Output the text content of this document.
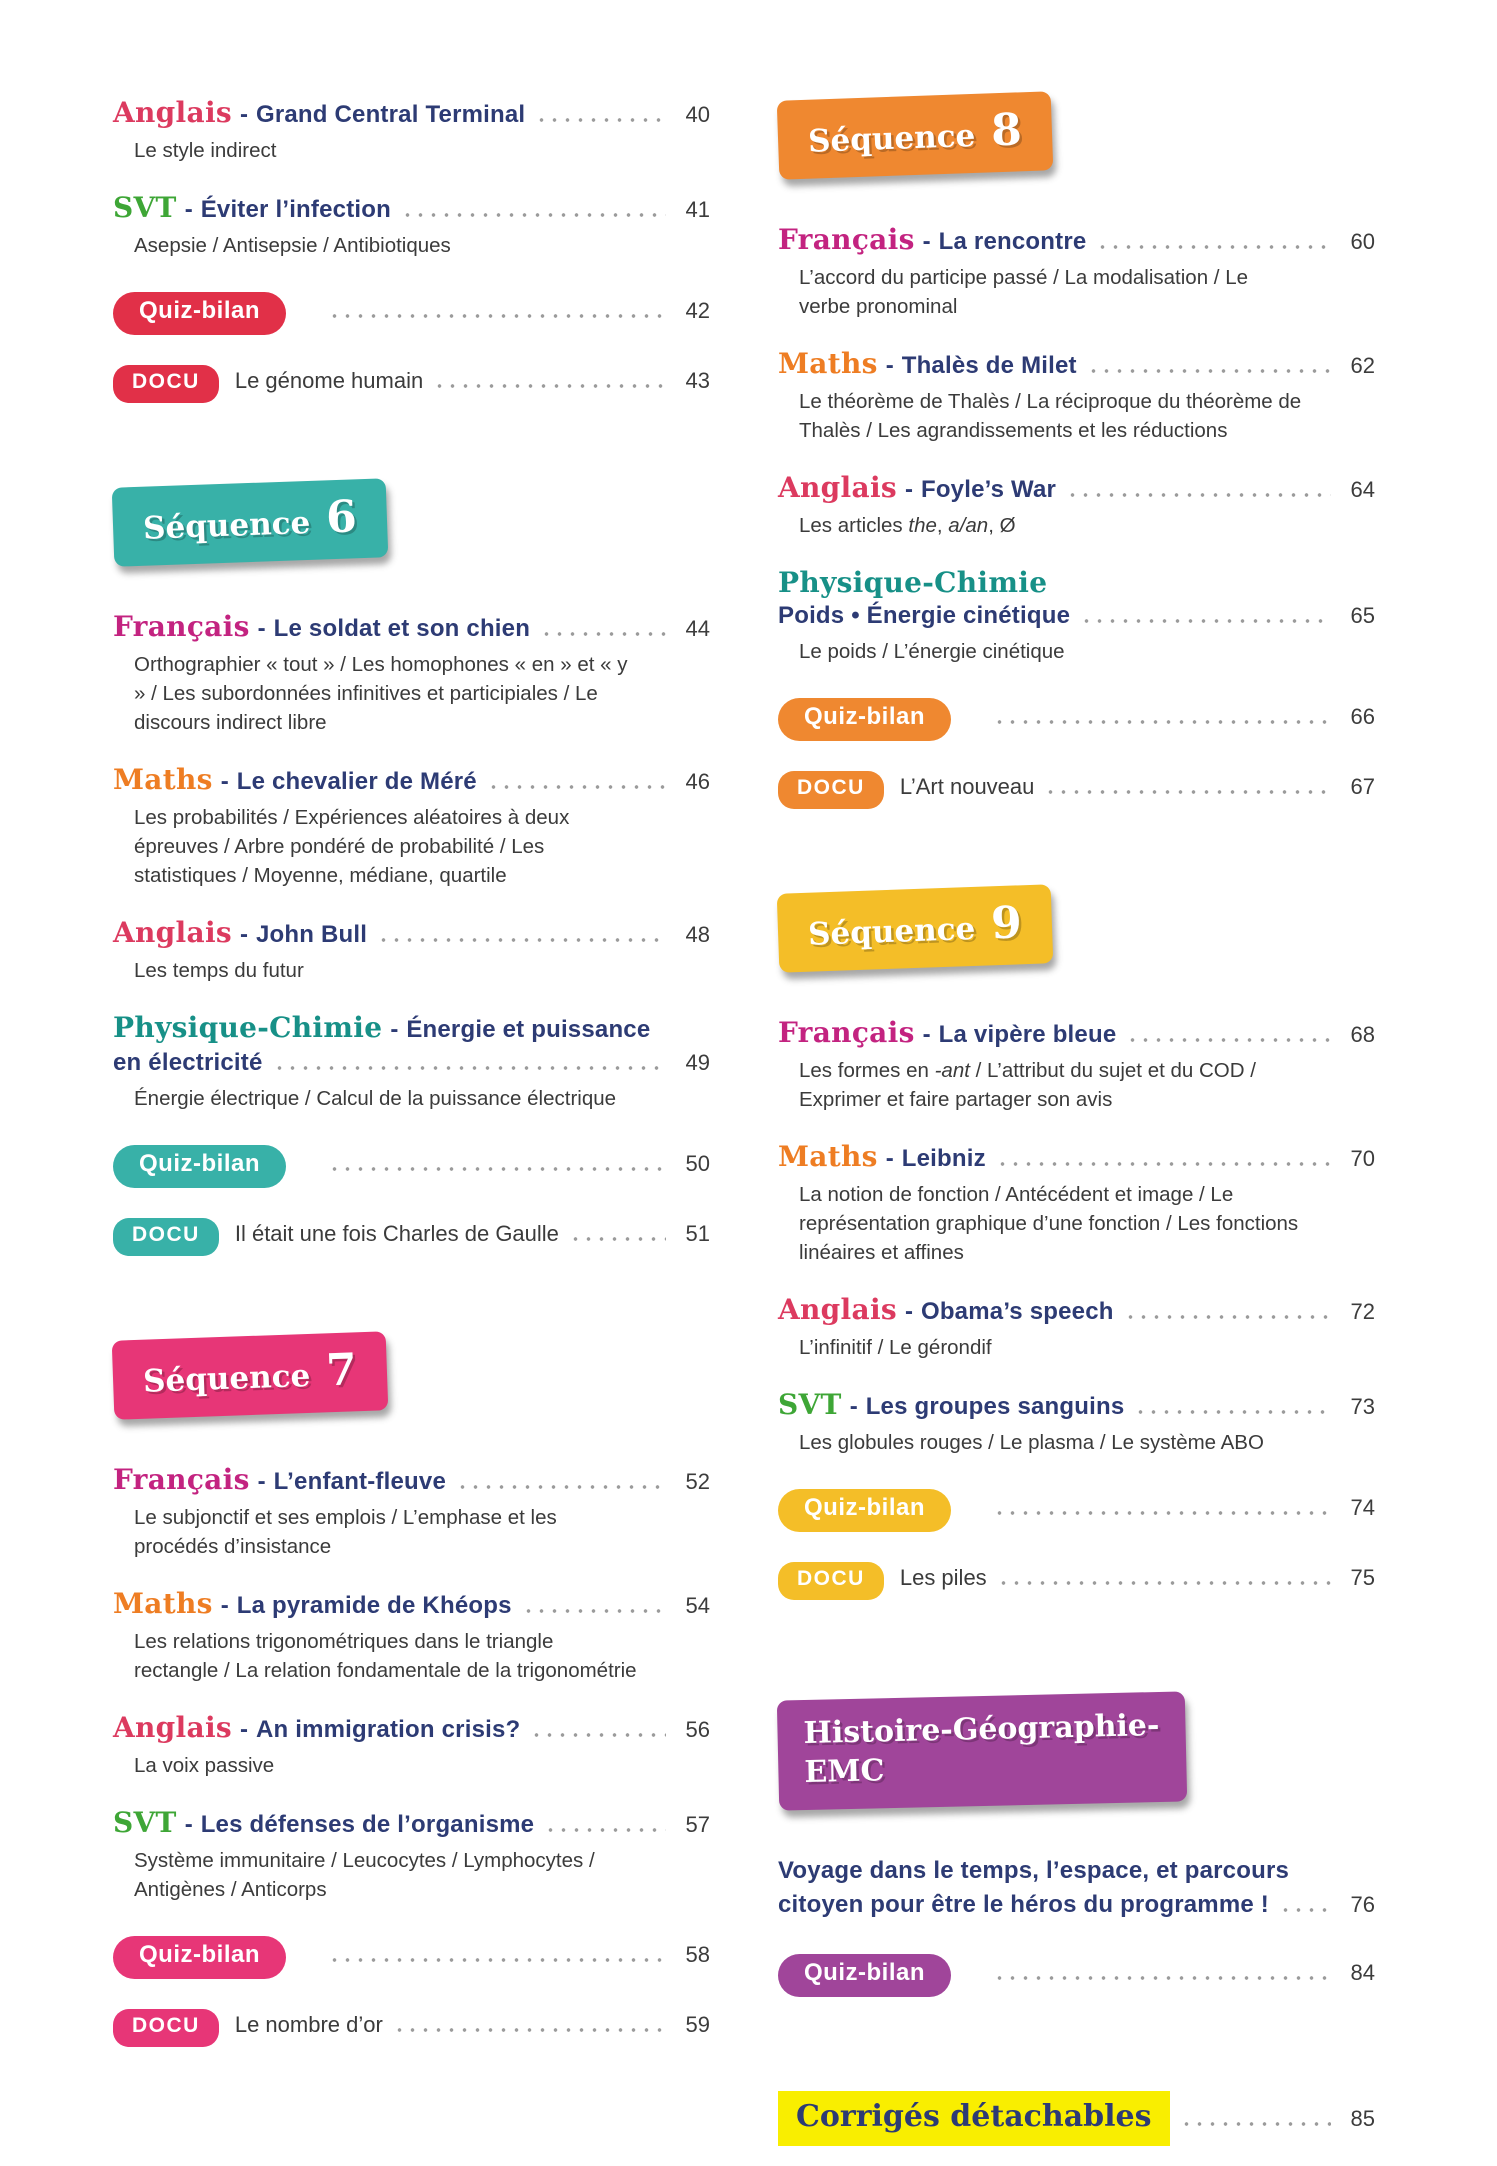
Anglais - Grand Central Terminal	40
Le style indirect
SVT - Éviter l’infection	41
Asepsie / Antisepsie / Antibiotiques
Quiz-bilan	42
DOCU	Le génome humain	43
Séquence 6
Français - Le soldat et son chien	44
Orthographier « tout » / Les homophones « en » et « y » / Les subordonnées infinitives et participiales / Le discours indirect libre
Maths - Le chevalier de Méré	46
Les probabilités / Expériences aléatoires à deux épreuves / Arbre pondéré de probabilité / Les statistiques / Moyenne, médiane, quartile
Anglais - John Bull	48
Les temps du futur
Physique-Chimie - Énergie et puissance
en électricité	49
Énergie électrique / Calcul de la puissance électrique
Quiz-bilan	50
DOCU	Il était une fois Charles de Gaulle	51
Séquence 7
Français - L’enfant-fleuve	52
Le subjonctif et ses emplois / L’emphase et les procédés d’insistance
Maths - La pyramide de Khéops	54
Les relations trigonométriques dans le triangle rectangle / La relation fondamentale de la trigonométrie
Anglais - An immigration crisis?	56
La voix passive
SVT - Les défenses de l’organisme	57
Système immunitaire / Leucocytes / Lymphocytes / Antigènes / Anticorps
Quiz-bilan	58
DOCU	Le nombre d’or	59
Séquence 8
Français - La rencontre	60
L’accord du participe passé / La modalisation / Le verbe pronominal
Maths - Thalès de Milet	62
Le théorème de Thalès / La réciproque du théorème de Thalès / Les agrandissements et les réductions
Anglais - Foyle’s War	64
Les articles the, a/an, Ø
Physique-Chimie
Poids • Énergie cinétique	65
Le poids / L’énergie cinétique
Quiz-bilan	66
DOCU	L’Art nouveau	67
Séquence 9
Français - La vipère bleue	68
Les formes en -ant / L’attribut du sujet et du COD / Exprimer et faire partager son avis
Maths - Leibniz	70
La notion de fonction / Antécédent et image / Le représentation graphique d’une fonction / Les fonctions linéaires et affines
Anglais - Obama’s speech	72
L’infinitif / Le gérondif
SVT - Les groupes sanguins	73
Les globules rouges / Le plasma / Le système ABO
Quiz-bilan	74
DOCU	Les piles	75
Histoire-Géographie-
EMC
Voyage dans le temps, l’espace, et parcours
citoyen pour être le héros du programme !	76
Quiz-bilan	84
Corrigés détachables	85
